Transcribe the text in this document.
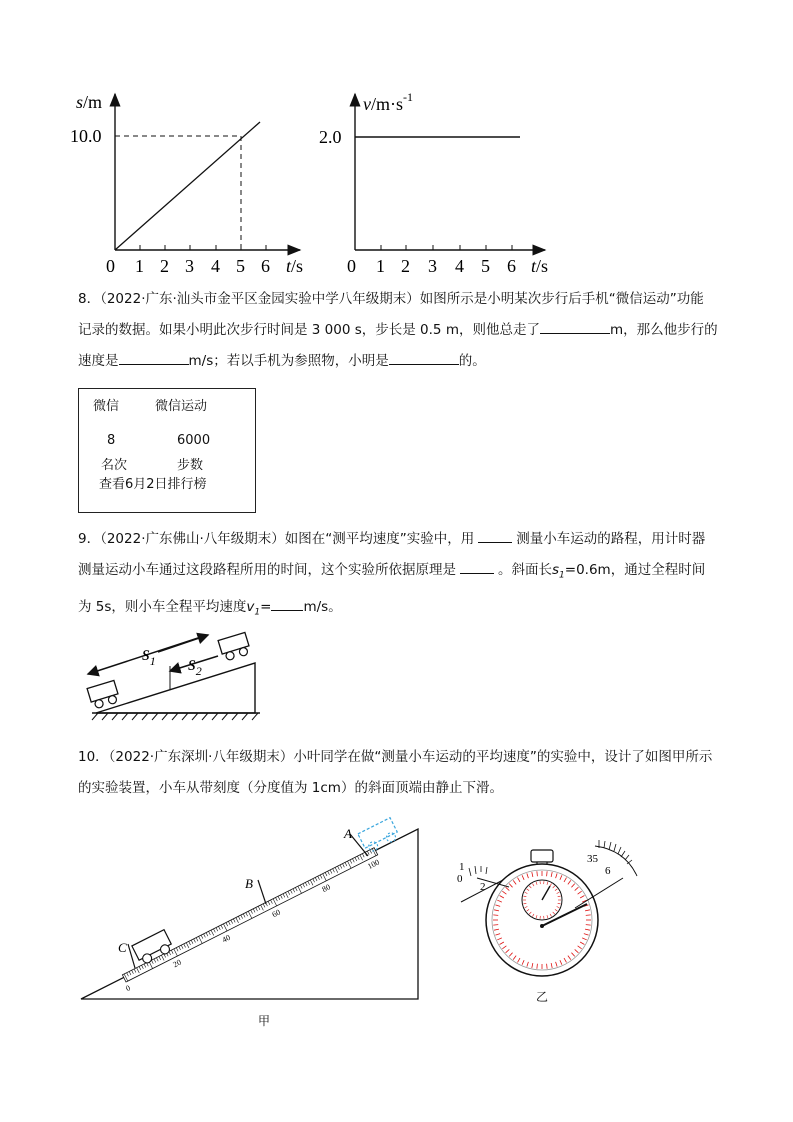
s/m
10.0
0 1 2 3 4 5 6 t/s
$v/m\cdot s^{-1}$
2.0
0 1 2 3 4 5 6 t/s
8．（2022·广东·汕头市金平区金园实验中学八年级期末）如图所示是小明某次步行后手机“微信运动”功能
记录的数据。如果小明此次步行时间是 3 000 s，步长是 0.5 m，则他总走了	m，那么他步行的
速度是	m/s；若以手机为参照物，小明是	的。
微信	微信运动
8	6000
名次	步数
查看6月2日排行榜
9．（2022·广东佛山·八年级期末）如图在“测平均速度”实验中，用	测量小车运动的路程，用计时器
测量运动小车通过这段路程所用的时间，这个实验所依据原理是	。斜面长$s_1=0.6m$，通过全程时间
为 5s，则小车全程平均速度$v_1= m/s$。
$s_1$ $s_2$
10．（2022·广东深圳·八年级期末）小叶同学在做“测量小车运动的平均速度”的实验中，设计了如图甲所示
的实验装置，小车从带刻度（分度值为 1cm）的斜面顶端由静止下滑。
0
20
40
60
80
100
A
B
C
甲
0
1
2
35
6
乙
